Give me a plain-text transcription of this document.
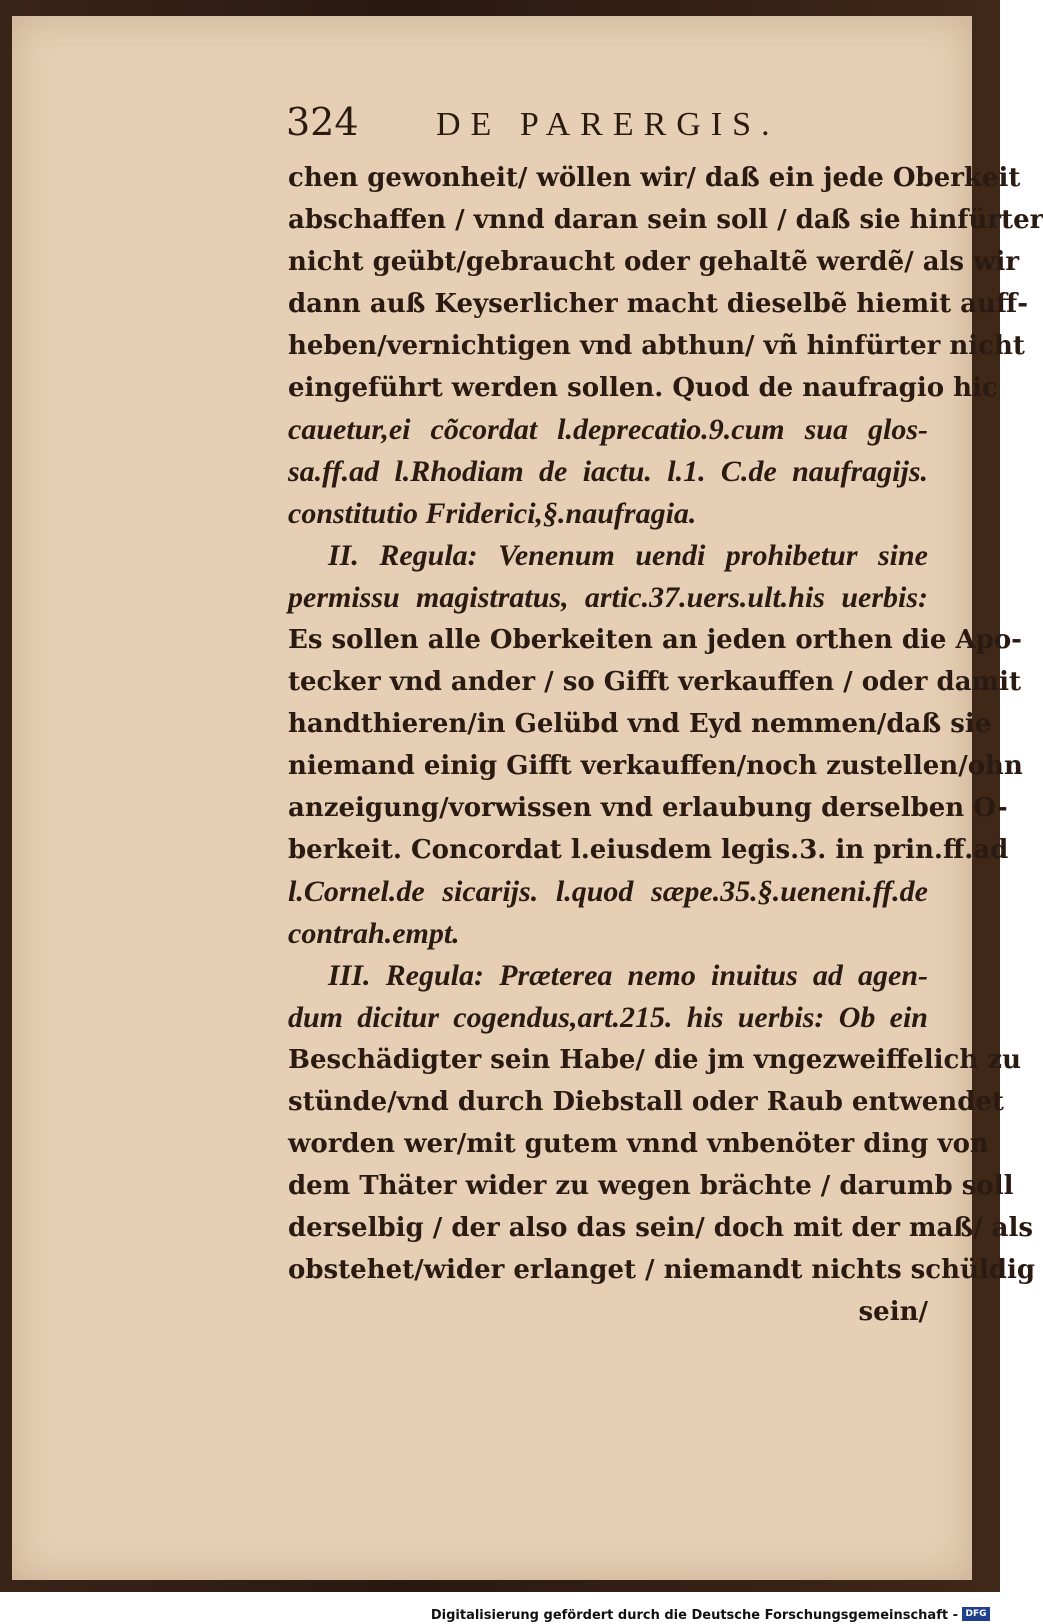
324 DE PARERGIS.
chen gewonheit/ wöllen wir/ daß ein jede Oberkeit
abschaffen / vnnd daran sein soll / daß sie hinfürter
nicht geübt/gebraucht oder gehaltẽ werdẽ/ als wir
dann auß Keyserlicher macht dieselbẽ hiemit auff-
heben/vernichtigen vnd abthun/ vñ hinfürter nicht
eingeführt werden sollen. Quod de naufragio hic
cauetur,ei cõcordat l.deprecatio.9.cum sua glos-
sa.ff.ad l.Rhodiam de iactu. l.1. C.de naufragijs.
constitutio Friderici,§.naufragia.
II. Regula: Venenum uendi prohibetur sine
permissu magistratus, artic.37.uers.ult.his uerbis:
Es sollen alle Oberkeiten an jeden orthen die Apo-
tecker vnd ander / so Gifft verkauffen / oder damit
handthieren/in Gelübd vnd Eyd nemmen/daß sie
niemand einig Gifft verkauffen/noch zustellen/ohn
anzeigung/vorwissen vnd erlaubung derselben O-
berkeit. Concordat l.eiusdem legis.3. in prin.ff.ad
l.Cornel.de sicarijs. l.quod sæpe.35.§.ueneni.ff.de
contrah.empt.
III. Regula: Præterea nemo inuitus ad agen-
dum dicitur cogendus,art.215. his uerbis: Ob ein
Beschädigter sein Habe/ die jm vngezweiffelich zu
stünde/vnd durch Diebstall oder Raub entwendet
worden wer/mit gutem vnnd vnbenöter ding von
dem Thäter wider zu wegen brächte / darumb soll
derselbig / der also das sein/ doch mit der maß/ als
obstehet/wider erlanget / niemandt nichts schüldig
sein/
Digitalisierung gefördert durch die Deutsche Forschungsgemeinschaft - DFG
